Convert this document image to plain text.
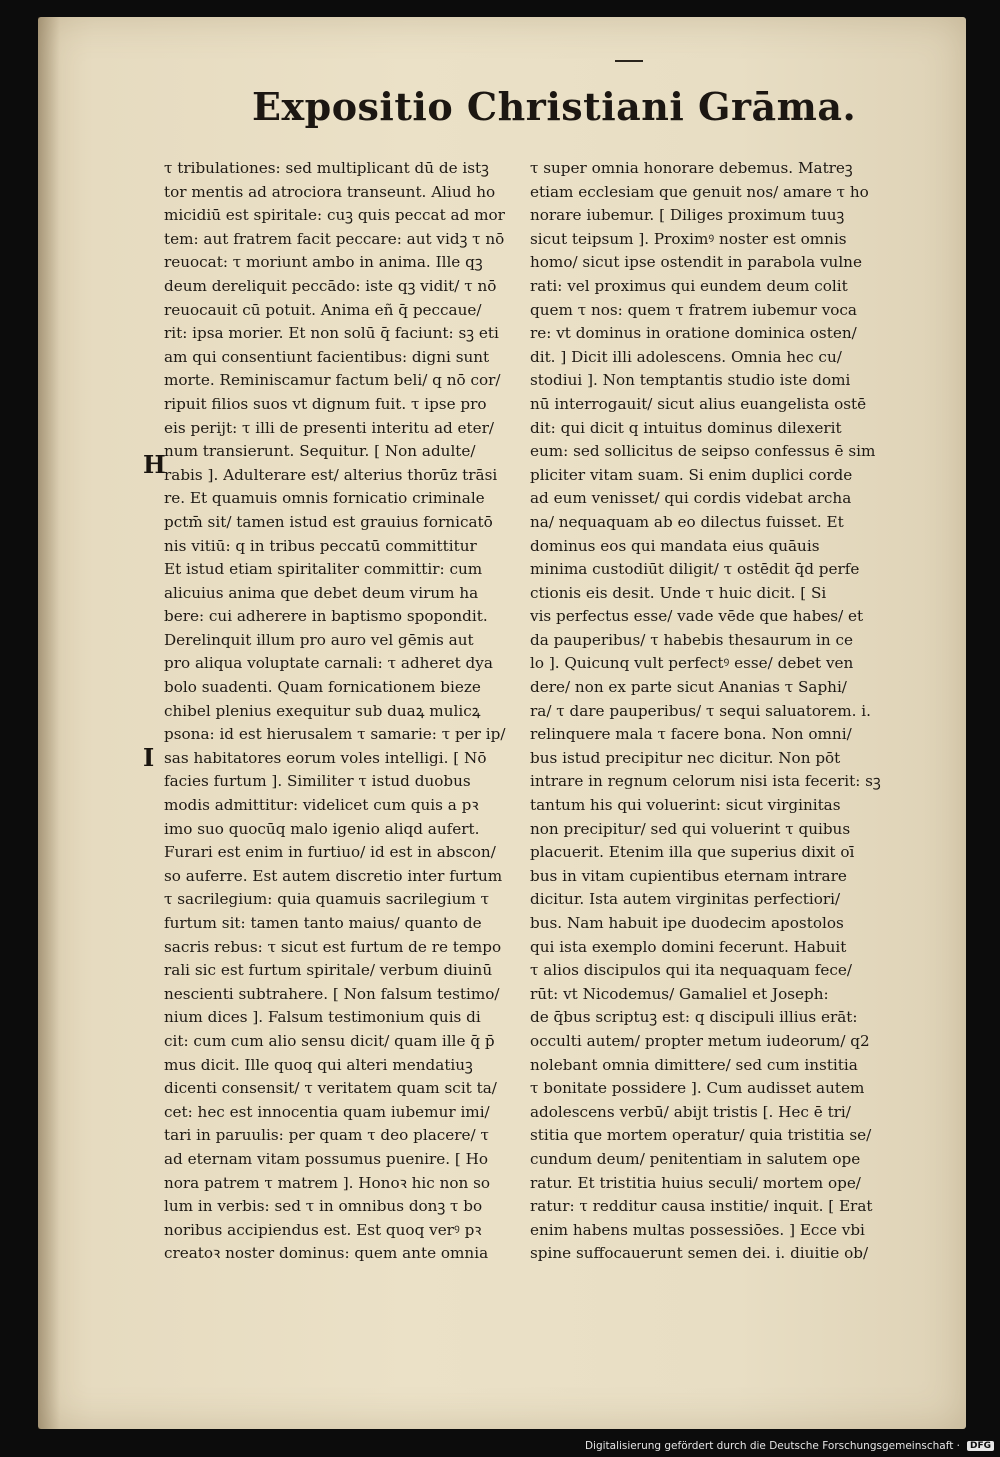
Expositio Christiani Grāma.
H
I
τ tribulationes: sed multiplicant dū de istꝫ
tor mentis ad atrociora transeunt. Aliud ho
micidiū est spiritale: cuꝫ quis peccat ad mor
tem: aut fratrem facit peccare: aut vidꝫ τ nō
reuocat: τ moriunt ambo in anima. Ille qꝫ
deum dereliquit peccādo: iste qꝫ vidit/ τ nō
reuocauit cū potuit. Anima eñ q̄ peccaue/
rit: ipsa morier. Et non solū q̄ faciunt: sꝫ eti
am qui consentiunt facientibus: digni sunt
morte. Reminiscamur factum beli/ q nō cor/
ripuit filios suos vt dignum fuit. τ ipse pro
eis perijt: τ illi de presenti interitu ad eter/
num transierunt. Sequitur. [ Non adulte/
rabis ]. Adulterare est/ alterius thorūz trāsi
re. Et quamuis omnis fornicatio criminale
pctm̄ sit/ tamen istud est grauius fornicatō
nis vitiū: q in tribus peccatū committitur
Et istud etiam spiritaliter committir: cum
alicuius anima que debet deum virum ha
bere: cui adherere in baptismo spopondit.
Derelinquit illum pro auro vel gēmis aut
pro aliqua voluptate carnali: τ adheret dya
bolo suadenti. Quam fornicationem bieze
chibel plenius exequitur sub duaꝝ mulicꝝ
psona: id est hierusalem τ samarie: τ per ip/
sas habitatores eorum voles intelligi. [ Nō
facies furtum ]. Similiter τ istud duobus
modis admittitur: videlicet cum quis a pꝛ
imo suo quocūq malo igenio aliqd aufert.
Furari est enim in furtiuo/ id est in abscon/
so auferre. Est autem discretio inter furtum
τ sacrilegium: quia quamuis sacrilegium τ
furtum sit: tamen tanto maius/ quanto de
sacris rebus: τ sicut est furtum de re tempo
rali sic est furtum spiritale/ verbum diuinū
nescienti subtrahere. [ Non falsum testimo/
nium dices ]. Falsum testimonium quis di
cit: cum cum alio sensu dicit/ quam ille q̄ p̄
mus dicit. Ille quoq qui alteri mendatiuꝫ
dicenti consensit/ τ veritatem quam scit ta/
cet: hec est innocentia quam iubemur imi/
tari in paruulis: per quam τ deo placere/ τ
ad eternam vitam possumus puenire. [ Ho
nora patrem τ matrem ]. Honoꝛ hic non so
lum in verbis: sed τ in omnibus donꝫ τ bo
noribus accipiendus est. Est quoq verꝰ pꝛ
creatoꝛ noster dominus: quem ante omnia
τ super omnia honorare debemus. Matreꝫ
etiam ecclesiam que genuit nos/ amare τ ho
norare iubemur. [ Diliges proximum tuuꝫ
sicut teipsum ]. Proximꝰ noster est omnis
homo/ sicut ipse ostendit in parabola vulne
rati: vel proximus qui eundem deum colit
quem τ nos: quem τ fratrem iubemur voca
re: vt dominus in oratione dominica osten/
dit. ] Dicit illi adolescens. Omnia hec cu/
stodiui ]. Non temptantis studio iste domi
nū interrogauit/ sicut alius euangelista ostē
dit: qui dicit q intuitus dominus dilexerit
eum: sed sollicitus de seipso confessus ē sim
pliciter vitam suam. Si enim duplici corde
ad eum venisset/ qui cordis videbat archa
na/ nequaquam ab eo dilectus fuisset. Et
dominus eos qui mandata eius quāuis
minima custodiūt diligit/ τ ostēdit q̄d perfe
ctionis eis desit. Unde τ huic dicit. [ Si
vis perfectus esse/ vade vēde que habes/ et
da pauperibus/ τ habebis thesaurum in ce
lo ]. Quicunq vult perfectꝰ esse/ debet ven
dere/ non ex parte sicut Ananias τ Saphi/
ra/ τ dare pauperibus/ τ sequi saluatorem. i.
relinquere mala τ facere bona. Non omni/
bus istud precipitur nec dicitur. Non pōt
intrare in regnum celorum nisi ista fecerit: sꝫ
tantum his qui voluerint: sicut virginitas
non precipitur/ sed qui voluerint τ quibus
placuerit. Etenim illa que superius dixit oī
bus in vitam cupientibus eternam intrare
dicitur. Ista autem virginitas perfectiori/
bus. Nam habuit ipe duodecim apostolos
qui ista exemplo domini fecerunt. Habuit
τ alios discipulos qui ita nequaquam fece/
rūt: vt Nicodemus/ Gamaliel et Joseph:
de q̄bus scriptuꝫ est: q discipuli illius erāt:
occulti autem/ propter metum iudeorum/ q2
nolebant omnia dimittere/ sed cum institia
τ bonitate possidere ]. Cum audisset autem
adolescens verbū/ abijt tristis [. Hec ē tri/
stitia que mortem operatur/ quia tristitia se/
cundum deum/ penitentiam in salutem ope
ratur. Et tristitia huius seculi/ mortem ope/
ratur: τ redditur causa institie/ inquit. [ Erat
enim habens multas possessiōes. ] Ecce vbi
spine suffocauerunt semen dei. i. diuitie ob/
Digitalisierung gefördert durch die Deutsche Forschungsgemeinschaft ·	DFG
